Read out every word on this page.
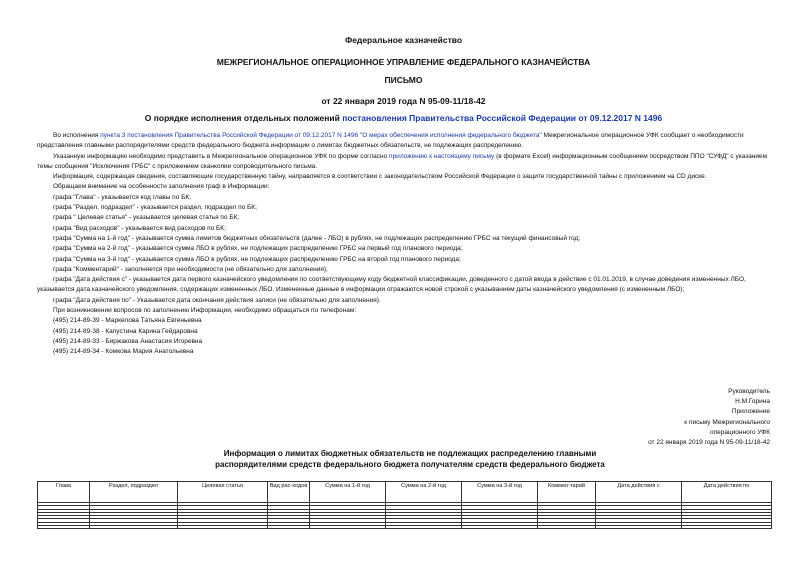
Федеральное казначейство
МЕЖРЕГИОНАЛЬНОЕ ОПЕРАЦИОННОЕ УПРАВЛЕНИЕ ФЕДЕРАЛЬНОГО КАЗНАЧЕЙСТВА
ПИСЬМО
от 22 января 2019 года N 95-09-11/18-42
О порядке исполнения отдельных положений постановления Правительства Российской Федерации от 09.12.2017 N 1496

Во исполнения пункта 3 постановления Правительства Российской Федерации от 09.12.2017 N 1496 "О мерах обеспечения исполнения федерального бюджета" Межрегиональное операционное УФК сообщает о необходимости представления главными распорядителями средств федерального бюджета информации о лимитах бюджетных обязательств, не подлежащих распределению.

Указанную информацию необходимо представить в Межрегиональное операционное УФК по форме согласно приложению к настоящему письму (в формате Excel) информационным сообщением посредством ППО "СУФД" с указанием темы сообщения "Исключения ГРБС" с приложением сканкопии сопроводительного письма.

Информация, содержащая сведения, составляющие государственную тайну, направляется в соответствии с законодательством Российской Федерации о защите государственной тайны с приложением на CD диске.

Обращаем внимание на особенности заполнения граф в Информации:

графа "Глава" - указывается код главы по БК;

графа "Раздел, подраздел" - указывается раздел, подраздел по БК;

графа " Целевая статья" - указывается целевая статья по БК;

графа "Вид расходов" - указывается вид расходов по БК;

графа "Сумма на 1-й год" - указывается сумма лимитов бюджетных обязательств (далее - ЛБО) в рублях, не подлежащих распределению ГРБС на текущий финансовый год;

графа "Сумма на 2-й год" - указывается сумма ЛБО в рублях, не подлежащих распределению ГРБС на первый год планового периода;

графа "Сумма на 3-й год" - указывается сумма ЛБО в рублях, не подлежащих распределению ГРБС на второй год планового периода;

графа "Комментарий" - заполняется при необходимости (не обязательно для заполнения);

графа "Дата действия с" - указывается дата первого казначейского уведомления по соответствующему коду бюджетной классификации, доведенного с датой ввода в действие с 01.01.2019, в случае доведения измененных ЛБО, указывается дата казначейского уведомления, содержащих измененных ЛБО. Измененные данные в информации отражаются новой строкой с указыванием даты казначейского уведомления (с измененным ЛБО);

графа "Дата действия по" - Указывается дата окончания действия записи (не обязательно для заполнения).

При возникновении вопросов по заполнению Информации, необходимо обращаться по телефонам:

(495) 214-89-39 - Маркелова Татьяна Евгеньевна

(495) 214-89-38 - Капустина Карина Гейдаровна

(495) 214-89-33 - Биржакова Анастасия Игоревна

(495) 214-89-34 - Комкова Мария Анатольевна

Руководитель
Н.М.Горина
Приложение
к письму Межрегионального
операционного УФК
от 22 января 2019 года N 95-09-11/18-42
Информация о лимитах бюджетных обязательств не подлежащих распределению главными распорядителями средств федерального бюджета получателям средств федерального бюджета
Глава	Раздел, подраздел	Целевая статья	Вид рас-ходов	Сумма на 1-й год	Сумма на 2-й год	Сумма на 3-й год	Коммен-тарий	Дата действия с	Дата действия по
